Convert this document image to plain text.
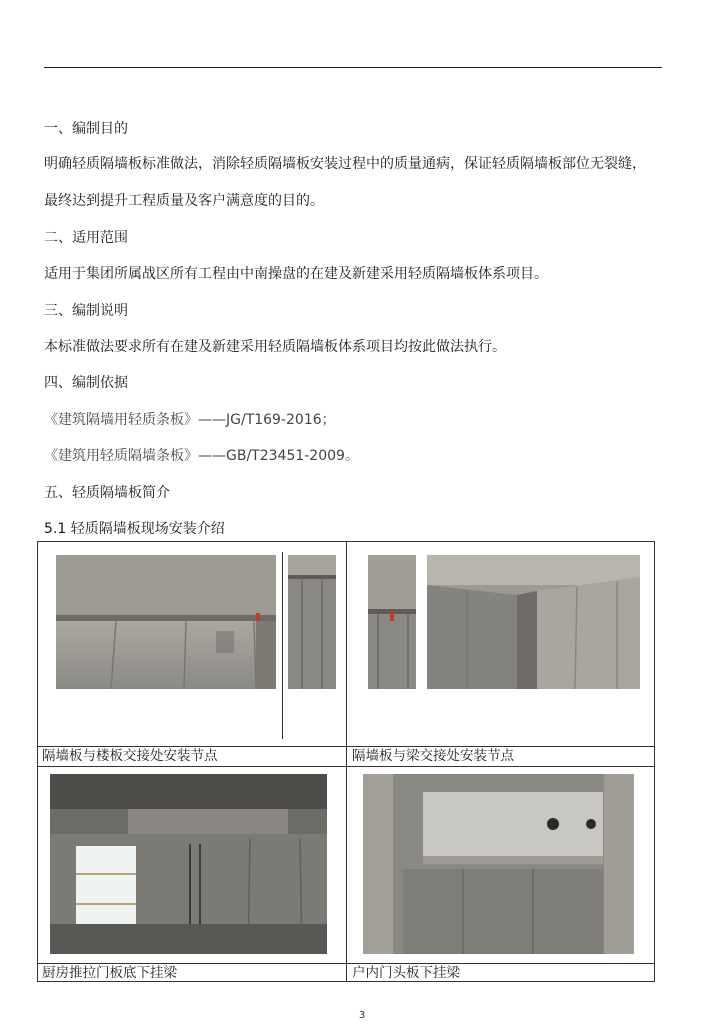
一、编制目的
明确轻质隔墙板标准做法，消除轻质隔墙板安装过程中的质量通病，保证轻质隔墙板部位无裂缝，
最终达到提升工程质量及客户满意度的目的。
二、适用范围
适用于集团所属战区所有工程由中南操盘的在建及新建采用轻质隔墙板体系项目。
三、编制说明
本标准做法要求所有在建及新建采用轻质隔墙板体系项目均按此做法执行。
四、编制依据
《建筑隔墙用轻质条板》——JG/T169-2016；
《建筑用轻质隔墙条板》——GB/T23451-2009。
五、轻质隔墙板简介
5.1 轻质隔墙板现场安装介绍
隔墙板与楼板交接处安装节点	隔墙板与梁交接处安装节点
厨房推拉门板底下挂梁	户内门头板下挂梁
3
